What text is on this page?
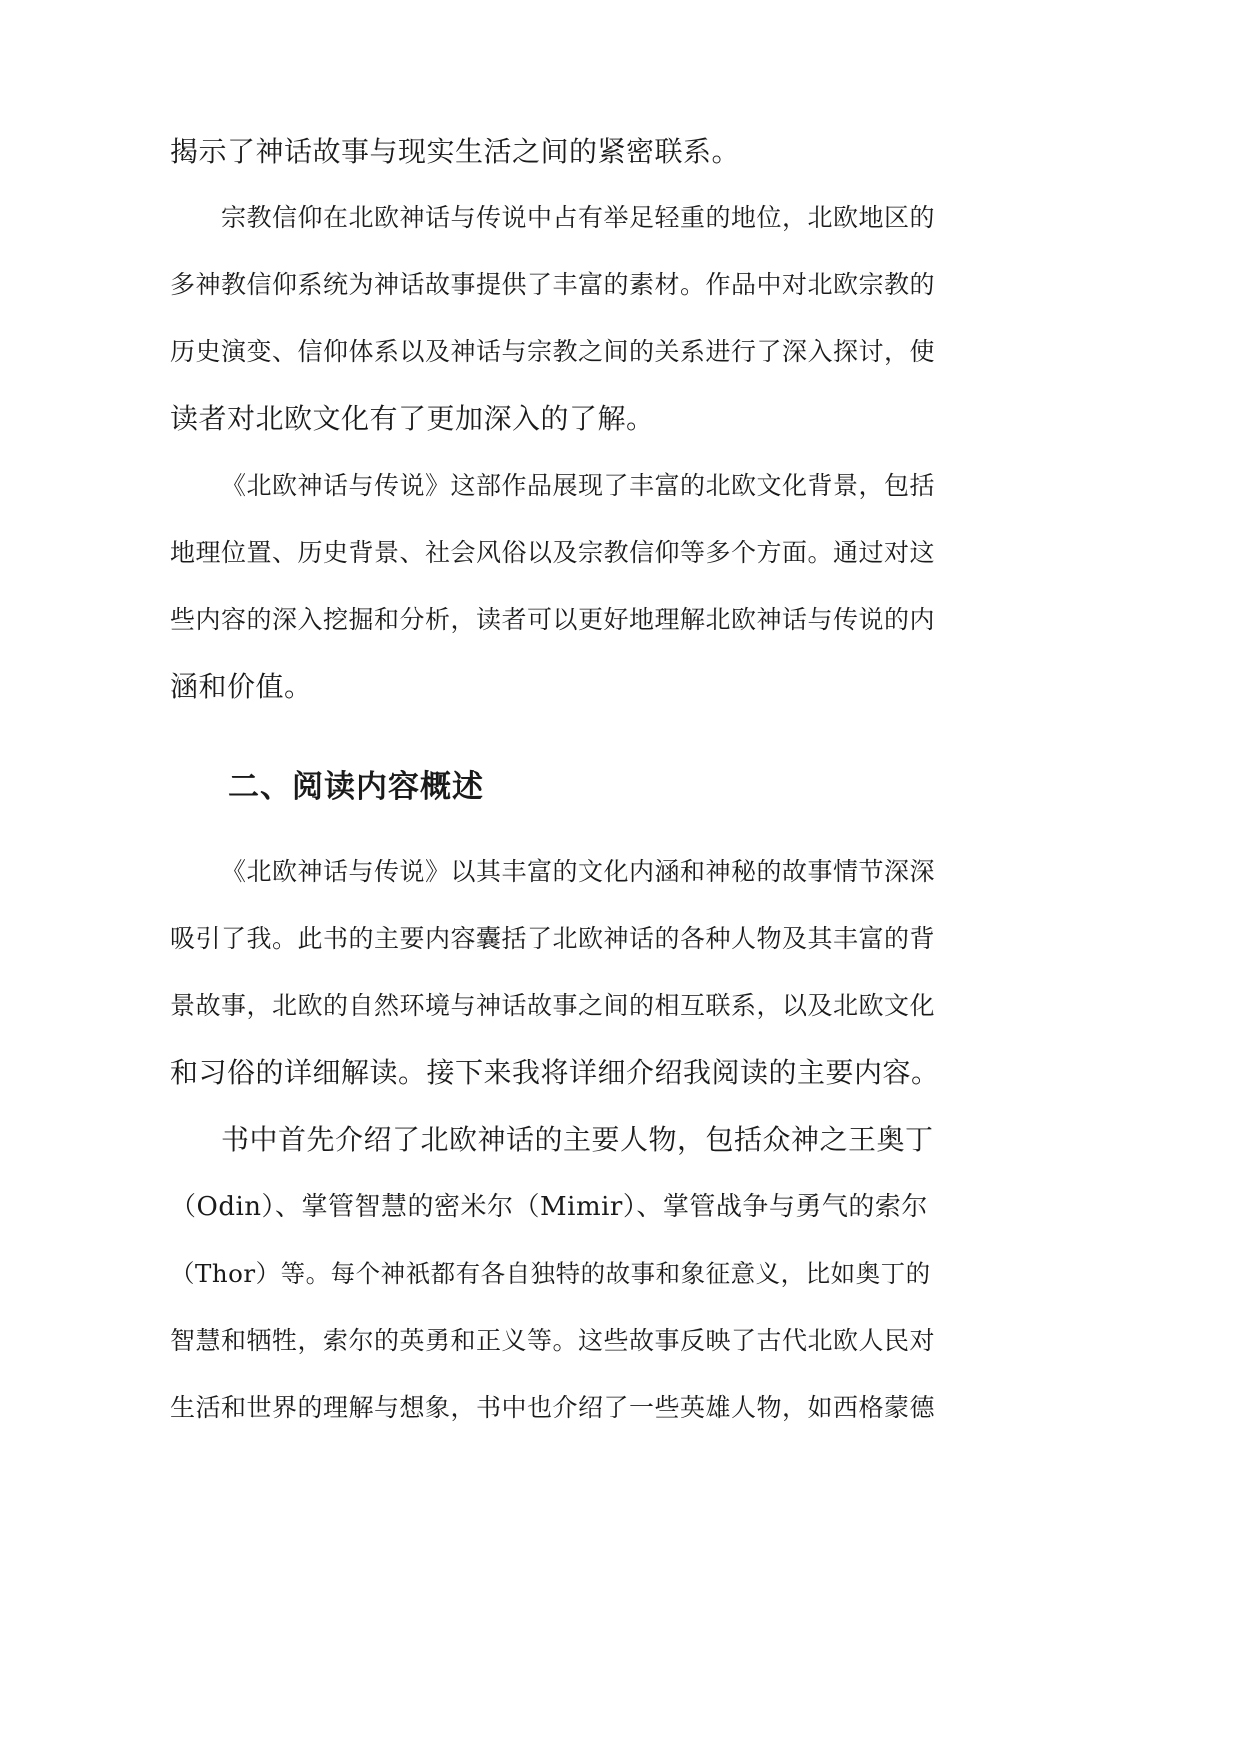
揭示了神话故事与现实生活之间的紧密联系。

宗教信仰在北欧神话与传说中占有举足轻重的地位，北欧地区的

多神教信仰系统为神话故事提供了丰富的素材。作品中对北欧宗教的

历史演变、信仰体系以及神话与宗教之间的关系进行了深入探讨，使

读者对北欧文化有了更加深入的了解。

《北欧神话与传说》这部作品展现了丰富的北欧文化背景，包括

地理位置、历史背景、社会风俗以及宗教信仰等多个方面。通过对这

些内容的深入挖掘和分析，读者可以更好地理解北欧神话与传说的内

涵和价值。

二、阅读内容概述

《北欧神话与传说》以其丰富的文化内涵和神秘的故事情节深深

吸引了我。此书的主要内容囊括了北欧神话的各种人物及其丰富的背

景故事，北欧的自然环境与神话故事之间的相互联系，以及北欧文化

和习俗的详细解读。接下来我将详细介绍我阅读的主要内容。

书中首先介绍了北欧神话的主要人物，包括众神之王奥丁

（Odin）、掌管智慧的密米尔（Mimir）、掌管战争与勇气的索尔

（Thor）等。每个神祇都有各自独特的故事和象征意义，比如奥丁的

智慧和牺牲，索尔的英勇和正义等。这些故事反映了古代北欧人民对

生活和世界的理解与想象，书中也介绍了一些英雄人物，如西格蒙德
